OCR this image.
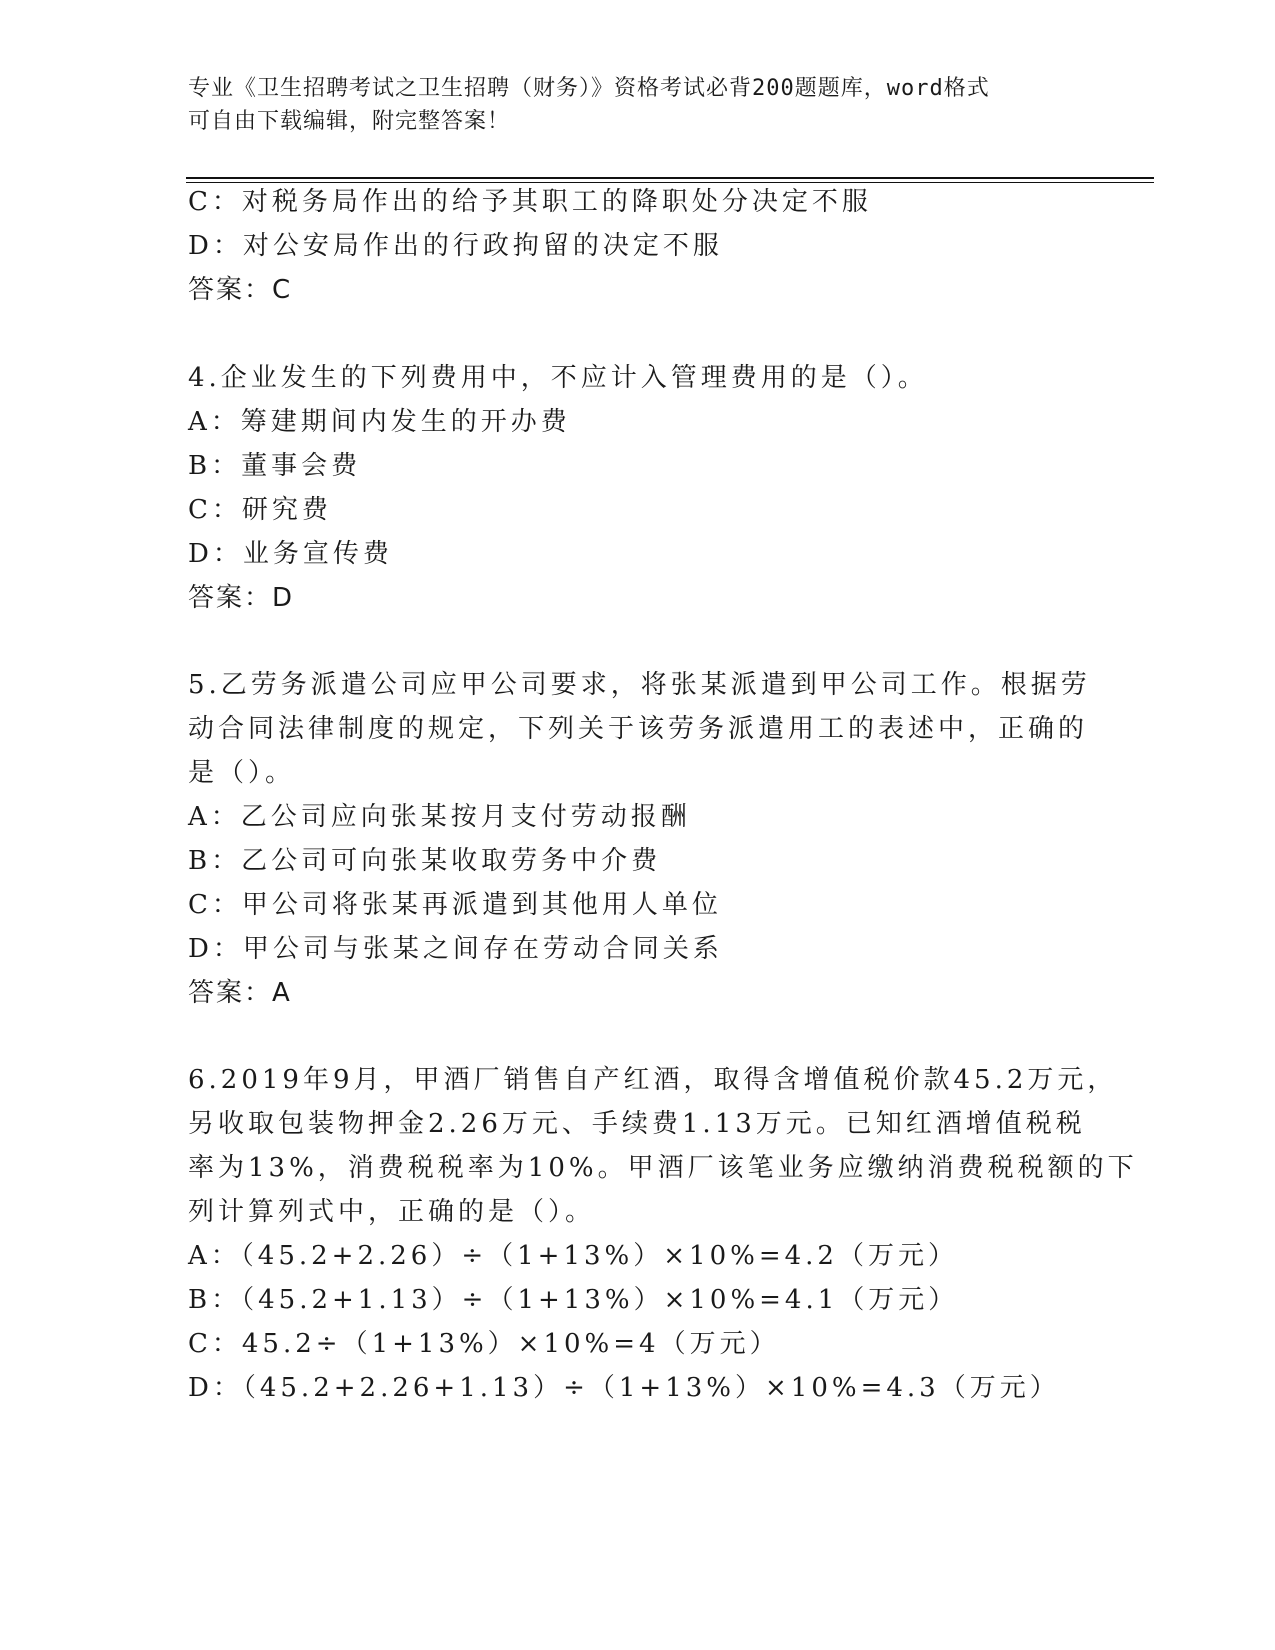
专业《卫生招聘考试之卫生招聘（财务）》资格考试必背200题题库，word格式
可自由下载编辑，附完整答案！
C：对税务局作出的给予其职工的降职处分决定不服
D：对公安局作出的行政拘留的决定不服
答案：C
4.企业发生的下列费用中，不应计入管理费用的是（）。
A：筹建期间内发生的开办费
B：董事会费
C：研究费
D：业务宣传费
答案：D
5.乙劳务派遣公司应甲公司要求，将张某派遣到甲公司工作。根据劳
动合同法律制度的规定，下列关于该劳务派遣用工的表述中，正确的
是（）。
A：乙公司应向张某按月支付劳动报酬
B：乙公司可向张某收取劳务中介费
C：甲公司将张某再派遣到其他用人单位
D：甲公司与张某之间存在劳动合同关系
答案：A
6.2019年9月，甲酒厂销售自产红酒，取得含增值税价款45.2万元，
另收取包装物押金2.26万元、手续费1.13万元。已知红酒增值税税
率为13%，消费税税率为10%。甲酒厂该笔业务应缴纳消费税税额的下
列计算列式中，正确的是（）。
A：（45.2+2.26）÷（1+13%）×10%=4.2（万元）
B：（45.2+1.13）÷（1+13%）×10%=4.1（万元）
C：45.2÷（1+13%）×10%=4（万元）
D：（45.2+2.26+1.13）÷（1+13%）×10%=4.3（万元）
